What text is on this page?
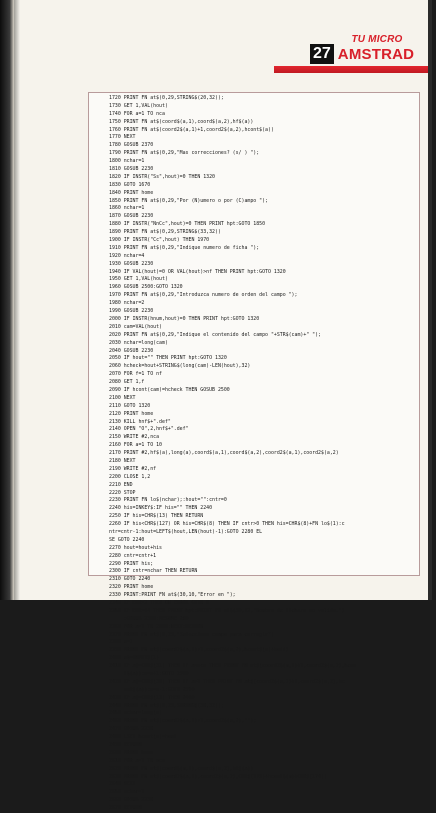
TU MICRO
27 AMSTRAD
1720 PRINT FN at$(0,29,STRING$(20,32));
1730 GET 1,VAL(hout)
1740 FOR a=1 TO nca
1750 PRINT FN at$(coord$(a,1),coord$(a,2),hf$(a))
1760 PRINT FN at$(coord2$(a,1)+1,coord2$(a,2),hcont$(a))
1770 NEXT
1780 GOSUB 2370
1790 PRINT FN at$(0,29,"Mas correcciones? (s/ ) ");
1800 nchar=1
1810 GOSUB 2230
1820 IF INSTR("Ss",hout)=0 THEN 1320
1830 GOTO 1670
1840 PRINT home
1850 PRINT FN at$(0,29,"Por (N)umero o por (C)ampo ");
1860 nchar=1
1870 GOSUB 2230
1880 IF INSTR("NnCc",hout)=0 THEN PRINT hpt:GOTO 1850
1890 PRINT FN at$(0,29,STRING$(33,32))
1900 IF INSTR("Cc",hout) THEN 1970
1910 PRINT FN at$(0,29,"Indique numero de ficha ");
1920 nchar=4
1930 GOSUB 2230
1940 IF VAL(hout)=0 OR VAL(hout)>nf THEN PRINT hpt:GOTO 1320
1950 GET 1,VAL(hout)
1960 GOSUB 2500:GOTO 1320
1970 PRINT FN at$(0,29,"Introduzca numero de orden del campo ");
1980 nchar=2
1990 GOSUB 2230
2000 IF INSTR(hnum,hout)=0 THEN PRINT hpt:GOTO 1320
2010 cam=VAL(hout)
2020 PRINT FN at$(0,29,"Indique el contenido del campo "+STR$(cam)+" ");
2030 nchar=long(cam)
2040 GOSUB 2230
2050 IF hout="" THEN PRINT hpt:GOTO 1320
2060 hcheck=hout+STRING$(long(cam)-LEN(hout),32)
2070 FOR f=1 TO nf
2080 GET 1,f
2090 IF hcont(cam)=hcheck THEN GOSUB 2500
2100 NEXT
2110 GOTO 1320
2120 PRINT home
2130 KILL hnf$+".def"
2140 OPEN "O",2,hnf$+".def"
2150 WRITE #2,nca
2160 FOR a=1 TO 10
2170 PRINT #2,hf$(a),long(a),coord$(a,1),coord$(a,2),coord2$(a,1),coord2$(a,2)
2180 NEXT
2190 WRITE #2,nf
2200 CLOSE 1,2
2210 END
2220 STOP
2230 PRINT FN lo$(nchar);:hout="":cntr=0
2240 his=INKEY$:IF his="" THEN 2240
2250 IF his=CHR$(13) THEN RETURN
2260 IF his<CHR$(127) OR his=CHR$(8) THEN IF cntr>0 THEN his=CHR$(8)+FN lo$(1):c
ntr=cntr-1:hout=LEFT$(hout,LEN(hout)-1):GOTO 2280 EL
SE GOTO 2240
2270 hout=hout+his
2280 cntr=cntr+1
2290 PRINT his;
2300 IF cntr=nchar THEN RETURN
2310 GOTO 2240
2320 PRINT home
2330 PRINT:PRINT FN at$(30,10,"Error en ");
2340 IF ERR=2 THEN ON ERROR GOTO 0
2350 IF ERR=64 THEN PRINT hpt:PRINT FN at$(30,12,"Nombre de fichero no valido.")
:GOSUB 2360:RESUME 280
2360 FOR a=1 TO 2000:NEXT:RETURN
2370 PRINT FN at$(0,29,"Seleccione campo para corregir")
2380 a=1
2390 PRINT FN at$(coord2$(a,1)+1,coord2$(a,2),hcont$(a)+hoff)
2400 a$=INPUT$(1)
2410 IF a$=CHR$(31) THEN IF a<nca THEN PRINT FN at$(coord2$(a,1)+1,coord2$(a,2),hcon
t$(a)):a=a+1:GOTO 2390
2420 IF a$=CHR$(30) THEN IF a>1 THEN PRINT FN at$(coord2$(a,1)+1,coord2$(a,2),hc
ont$(a)):a=a-1:GOTO 2390
2430 IF a$=CHR$(13) THEN 2460
2440 PRINT FN at$(0,29,STRING$(30,32));
2450 nchar=long(a)
2460 PRINT FN at$(coord2$(a,1)+1,coord2$(a,2),"");
2470 GOSUB 2230
2480 LSET hcont(a)=hout
2490 RETURN
2500 PRINT home
2510 FOR a=1 TO nca
2520 PRINT FN at$(coord$(a,1),coord$(a,2),hf$(a))
2530 PRINT FN at$(coord2$(a,1),coord2$(a,2),CHR$(175)+hcont$(a)+CHR$(174))
2540 NEXT
2550 nchar=1
2560 GOSUB 2230
2570 RETURN
